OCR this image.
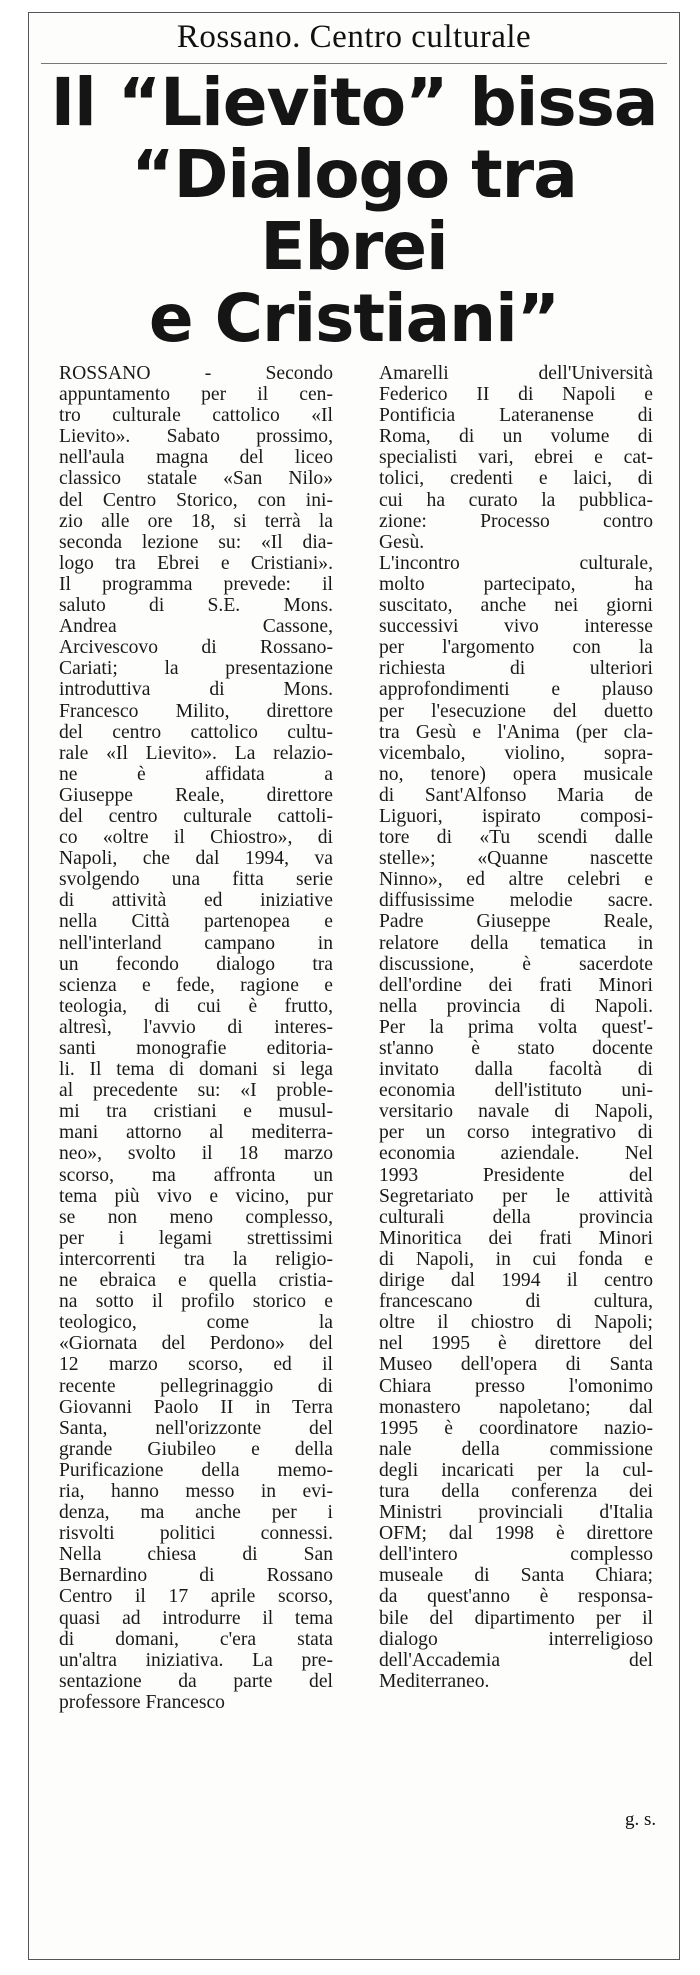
Rossano. Centro culturale
Il “Lievito” bissa
“Dialogo tra Ebrei
e Cristiani”
ROSSANO - Secondo
appuntamento per il cen-
tro culturale cattolico «Il
Lievito». Sabato prossimo,
nell'aula magna del liceo
classico statale «San Nilo»
del Centro Storico, con ini-
zio alle ore 18, si terrà la
seconda lezione su: «Il dia-
logo tra Ebrei e Cristiani».
Il programma prevede: il
saluto di S.E. Mons.
Andrea Cassone,
Arcivescovo di Rossano-
Cariati; la presentazione
introduttiva di Mons.
Francesco Milito, direttore
del centro cattolico cultu-
rale «Il Lievito». La relazio-
ne è affidata a
Giuseppe Reale, direttore
del centro culturale cattoli-
co «oltre il Chiostro», di
Napoli, che dal 1994, va
svolgendo una fitta serie
di attività ed iniziative
nella Città partenopea e
nell'interland campano in
un fecondo dialogo tra
scienza e fede, ragione e
teologia, di cui è frutto,
altresì, l'avvio di interes-
santi monografie editoria-
li. Il tema di domani si lega
al precedente su: «I proble-
mi tra cristiani e musul-
mani attorno al mediterra-
neo», svolto il 18 marzo
scorso, ma affronta un
tema più vivo e vicino, pur
se non meno complesso,
per i legami strettissimi
intercorrenti tra la religio-
ne ebraica e quella cristia-
na sotto il profilo storico e
teologico, come la
«Giornata del Perdono» del
12 marzo scorso, ed il
recente pellegrinaggio di
Giovanni Paolo II in Terra
Santa, nell'orizzonte del
grande Giubileo e della
Purificazione della memo-
ria, hanno messo in evi-
denza, ma anche per i
risvolti politici connessi.
Nella chiesa di San
Bernardino di Rossano
Centro il 17 aprile scorso,
quasi ad introdurre il tema
di domani, c'era stata
un'altra iniziativa. La pre-
sentazione da parte del
professore Francesco
Amarelli dell'Università
Federico II di Napoli e
Pontificia Lateranense di
Roma, di un volume di
specialisti vari, ebrei e cat-
tolici, credenti e laici, di
cui ha curato la pubblica-
zione: Processo contro
Gesù.
L'incontro culturale,
molto partecipato, ha
suscitato, anche nei giorni
successivi vivo interesse
per l'argomento con la
richiesta di ulteriori
approfondimenti e plauso
per l'esecuzione del duetto
tra Gesù e l'Anima (per cla-
vicembalo, violino, sopra-
no, tenore) opera musicale
di Sant'Alfonso Maria de
Liguori, ispirato composi-
tore di «Tu scendi dalle
stelle»; «Quanne nascette
Ninno», ed altre celebri e
diffusissime melodie sacre.
Padre Giuseppe Reale,
relatore della tematica in
discussione, è sacerdote
dell'ordine dei frati Minori
nella provincia di Napoli.
Per la prima volta quest'-
st'anno è stato docente
invitato dalla facoltà di
economia dell'istituto uni-
versitario navale di Napoli,
per un corso integrativo di
economia aziendale. Nel
1993 Presidente del
Segretariato per le attività
culturali della provincia
Minoritica dei frati Minori
di Napoli, in cui fonda e
dirige dal 1994 il centro
francescano di cultura,
oltre il chiostro di Napoli;
nel 1995 è direttore del
Museo dell'opera di Santa
Chiara presso l'omonimo
monastero napoletano; dal
1995 è coordinatore nazio-
nale della commissione
degli incaricati per la cul-
tura della conferenza dei
Ministri provinciali d'Italia
OFM; dal 1998 è direttore
dell'intero complesso
museale di Santa Chiara;
da quest'anno è responsa-
bile del dipartimento per il
dialogo interreligioso
dell'Accademia del
Mediterraneo.
g. s.
